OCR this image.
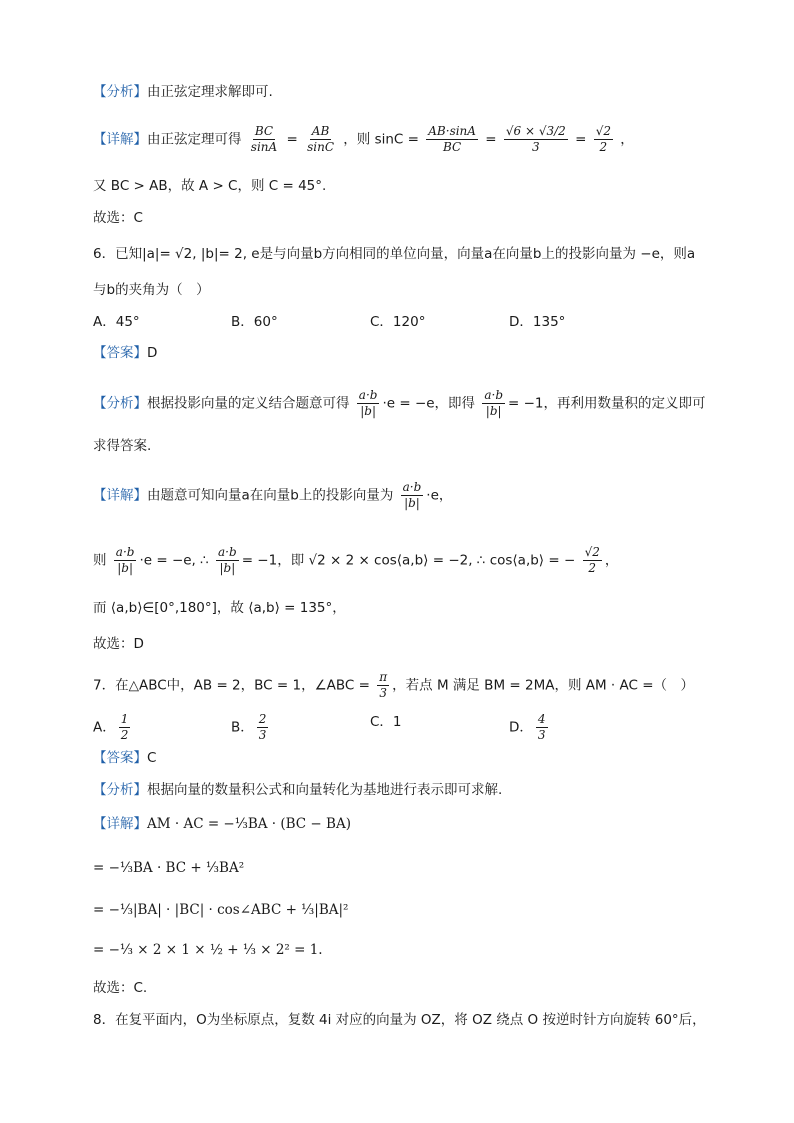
【分析】由正弦定理求解即可.
【详解】由正弦定理可得 $\frac{BC}{\sin A} = \frac{AB}{\sin C}$ ，则 $\sin C = \frac{AB\cdot\sin A}{BC} = \frac{√6 \times √3/2}{3} = \frac{√2}{2}$ ，
又 BC > AB，故 A > C，则 C = 45°.
故选：C
6．已知|a|= √2, |b|= 2, e是与向量b方向相同的单位向量，向量a在向量b上的投影向量为 −e，则a
与b的夹角为（　）
A．45°	B．60°	C．120°	D．135°
【答案】D
【分析】根据投影向量的定义结合题意可得 $\frac{a\cdot b}{|b|} \cdot e = -e$，即得 $\frac{a\cdot b}{|b|} = -1$，再利用数量积的定义即可
求得答案.
【详解】由题意可知向量a在向量b上的投影向量为 $\frac{a\cdot b}{|b|} \cdot e$，
则 $\frac{a\cdot b}{|b|} \cdot e = -e$, ∴ $\frac{a\cdot b}{|b|} = -1$，即 √2 × 2 × cos⟨a,b⟩ = −2, ∴ cos⟨a,b⟩ = − $\frac{√2}{2}$ ，
而 ⟨a,b⟩∈[0°,180°]，故 ⟨a,b⟩ = 135°，
故选：D
7．在△ABC中，AB = 2，BC = 1，∠ABC = $\frac{\pi}{3}$ ，若点 M 满足 BM = 2MA，则 AM · AC =（　）
A． $\frac{1}{2}$	B． $\frac{2}{3}$	C．1	D． $\frac{4}{3}$
【答案】C
【分析】根据向量的数量积公式和向量转化为基地进行表示即可求解.
【详解】AM · AC = −⅓BA · (BC − BA)
= −⅓BA · BC + ⅓BA²
= −⅓|BA| · |BC| · cos∠ABC + ⅓|BA|²
= −⅓ × 2 × 1 × ½ + ⅓ × 2² = 1.
故选：C.
8．在复平面内，O为坐标原点，复数 4i 对应的向量为 OZ，将 OZ 绕点 O 按逆时针方向旋转 60°后，
